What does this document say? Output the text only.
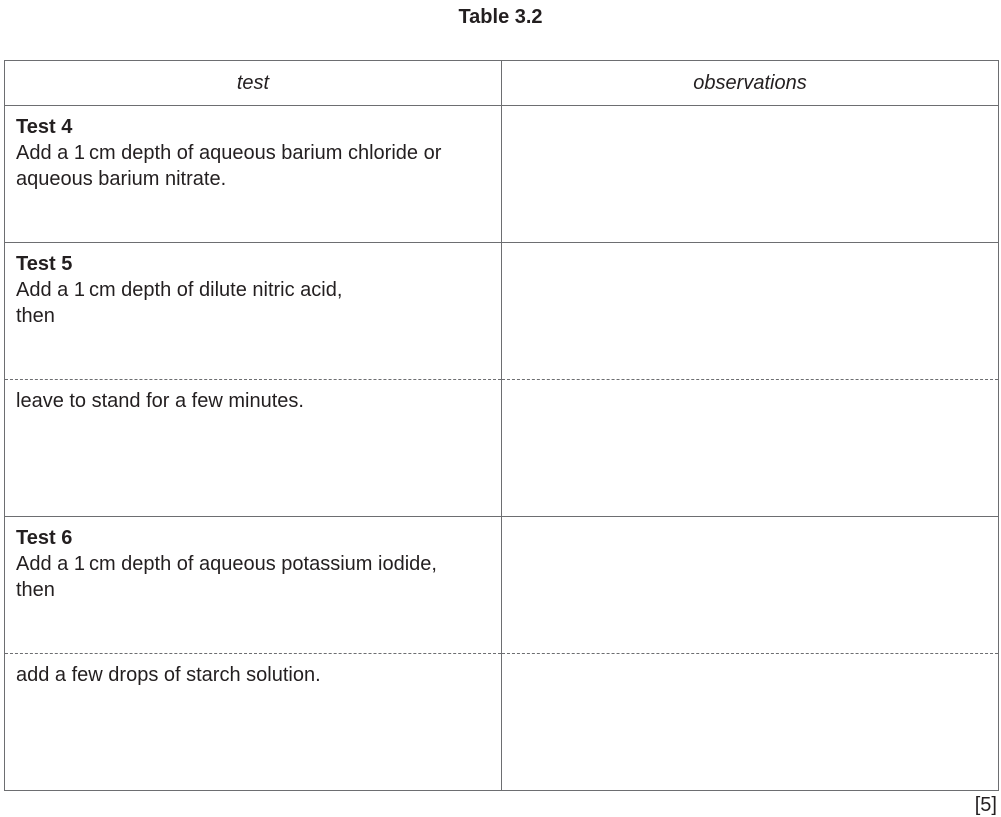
Table 3.2
test	observations

Test 4
Add a 1 cm depth of aqueous barium chloride or
aqueous barium nitrate.	

Test 5
Add a 1 cm depth of dilute nitric acid,
then	

leave to stand for a few minutes.	

Test 6
Add a 1 cm depth of aqueous potassium iodide,
then	

add a few drops of starch solution.	

[5]
